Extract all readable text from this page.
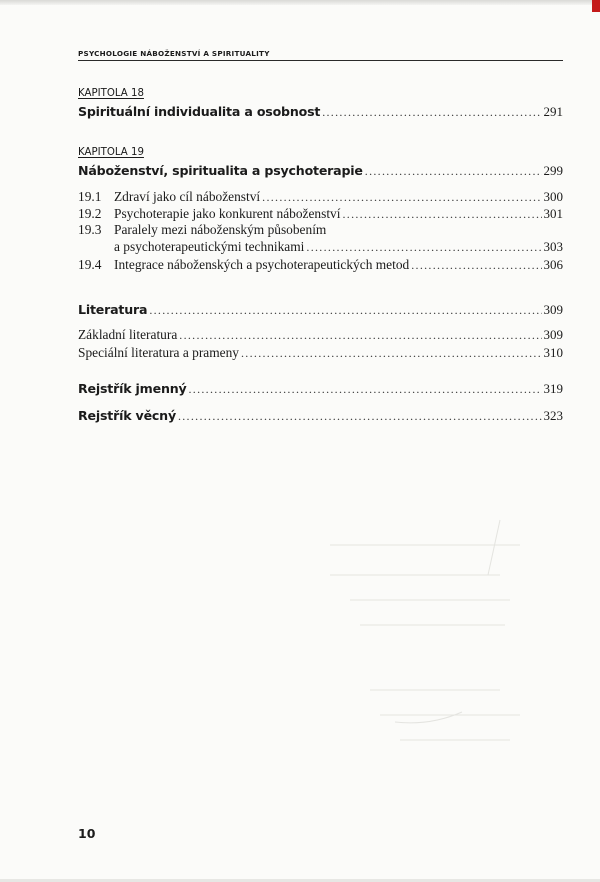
PSYCHOLOGIE NÁBOŽENSTVÍ A SPIRITUALITY
KAPITOLA 18
Spirituální individualita a osobnost .....	291
KAPITOLA 19
Náboženství, spiritualita a psychoterapie .....	299
19.1 Zdraví jako cíl náboženství .....	300
19.2 Psychoterapie jako konkurent náboženství .....	301
19.3 Paralely mezi náboženským působením
a psychoterapeutickými technikami .....	303
19.4 Integrace náboženských a psychoterapeutických metod .....	306
Literatura .....	309
Základní literatura .....	309
Speciální literatura a prameny .....	310
Rejstřík jmenný .....	319
Rejstřík věcný .....	323
10
